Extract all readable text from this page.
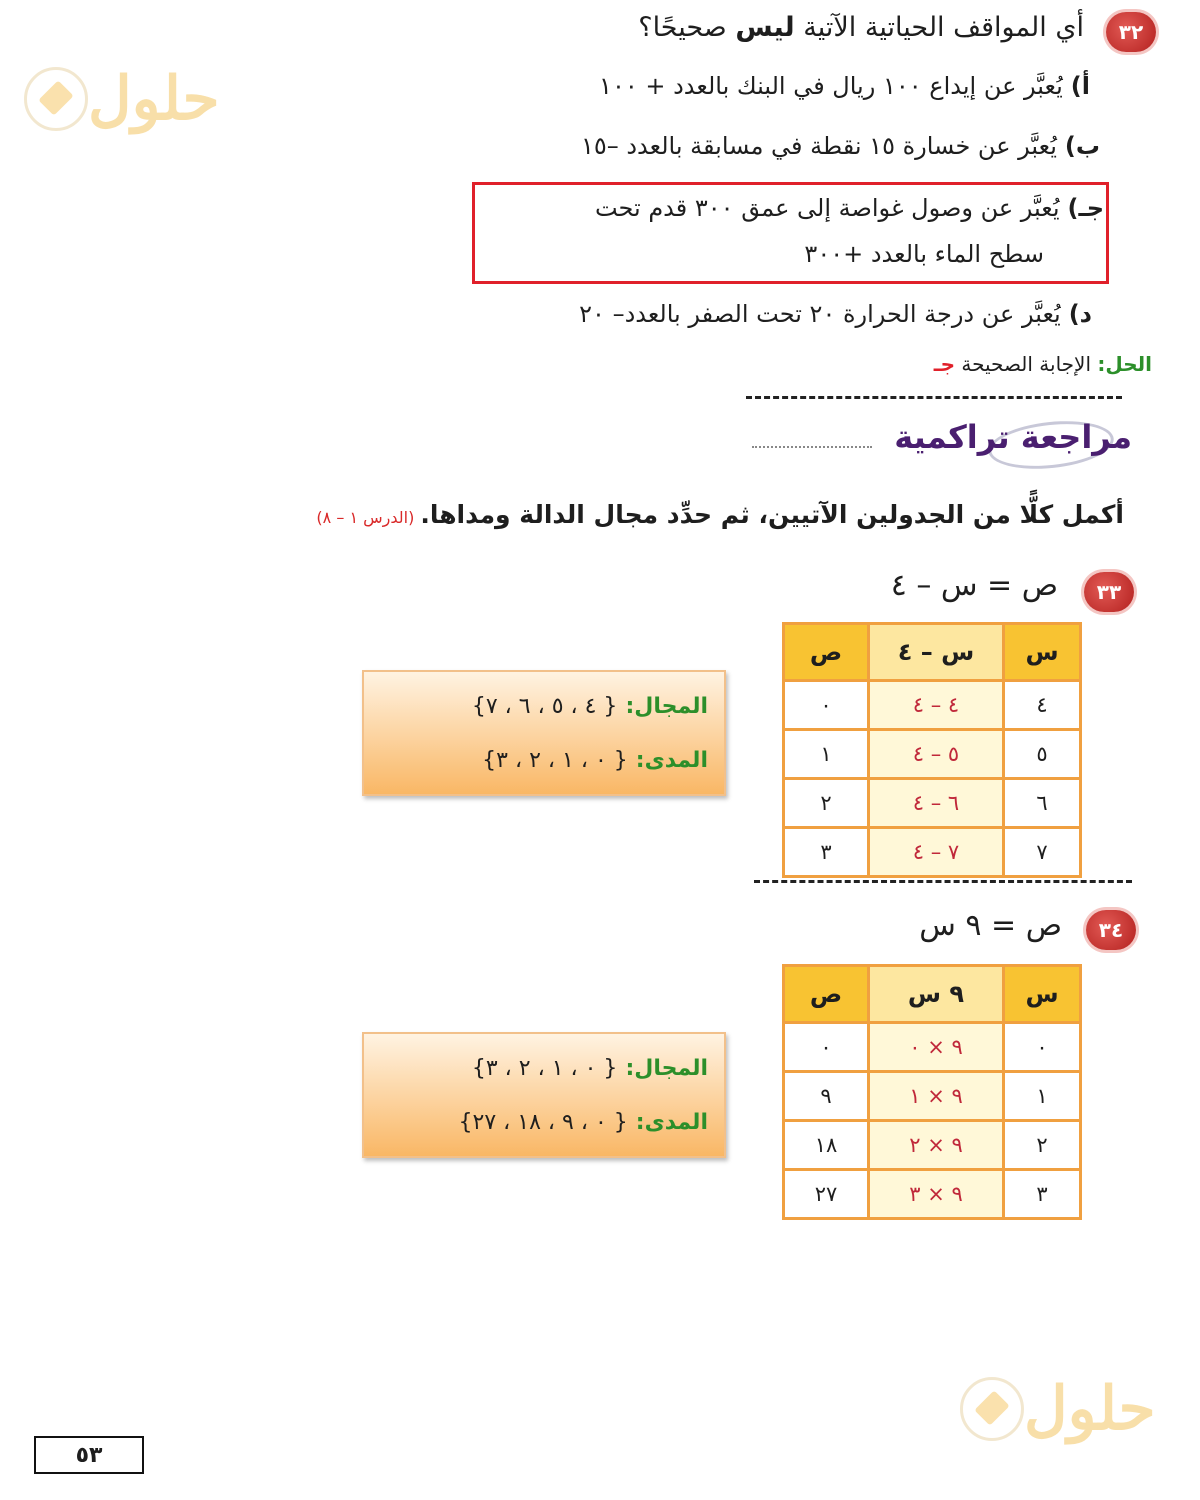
حلول
حلول
٣٢
أي المواقف الحياتية الآتية ليس صحيحًا؟
أ)يُعبَّر عن إيداع ١٠٠ ريال في البنك بالعدد + ١٠٠
ب)يُعبَّر عن خسارة ١٥ نقطة في مسابقة بالعدد –١٥
جـ)يُعبَّر عن وصول غواصة إلى عمق ٣٠٠ قدم تحت
سطح الماء بالعدد +٣٠٠
د)يُعبَّر عن درجة الحرارة ٢٠ تحت الصفر بالعدد– ٢٠
الحل: الإجابة الصحيحة جـ
مراجعة تراكمية
أكمل كلًّا من الجدولين الآتيين، ثم حدِّد مجال الدالة ومداها.(الدرس ١ – ٨)
٣٣
ص = س – ٤
س	س – ٤	ص
٤	٤ – ٤	٠
٥	٥ – ٤	١
٦	٦ – ٤	٢
٧	٧ – ٤	٣
المجال:{ ٤ ، ٥ ، ٦ ، ٧}
المدى:{ ٠ ، ١ ، ٢ ، ٣}
٣٤
ص = ٩ س
س	٩ س	ص
٠	٩ × ٠	٠
١	٩ × ١	٩
٢	٩ × ٢	١٨
٣	٩ × ٣	٢٧
المجال:{ ٠ ، ١ ، ٢ ، ٣}
المدى:{ ٠ ، ٩ ، ١٨ ، ٢٧}
٥٣
